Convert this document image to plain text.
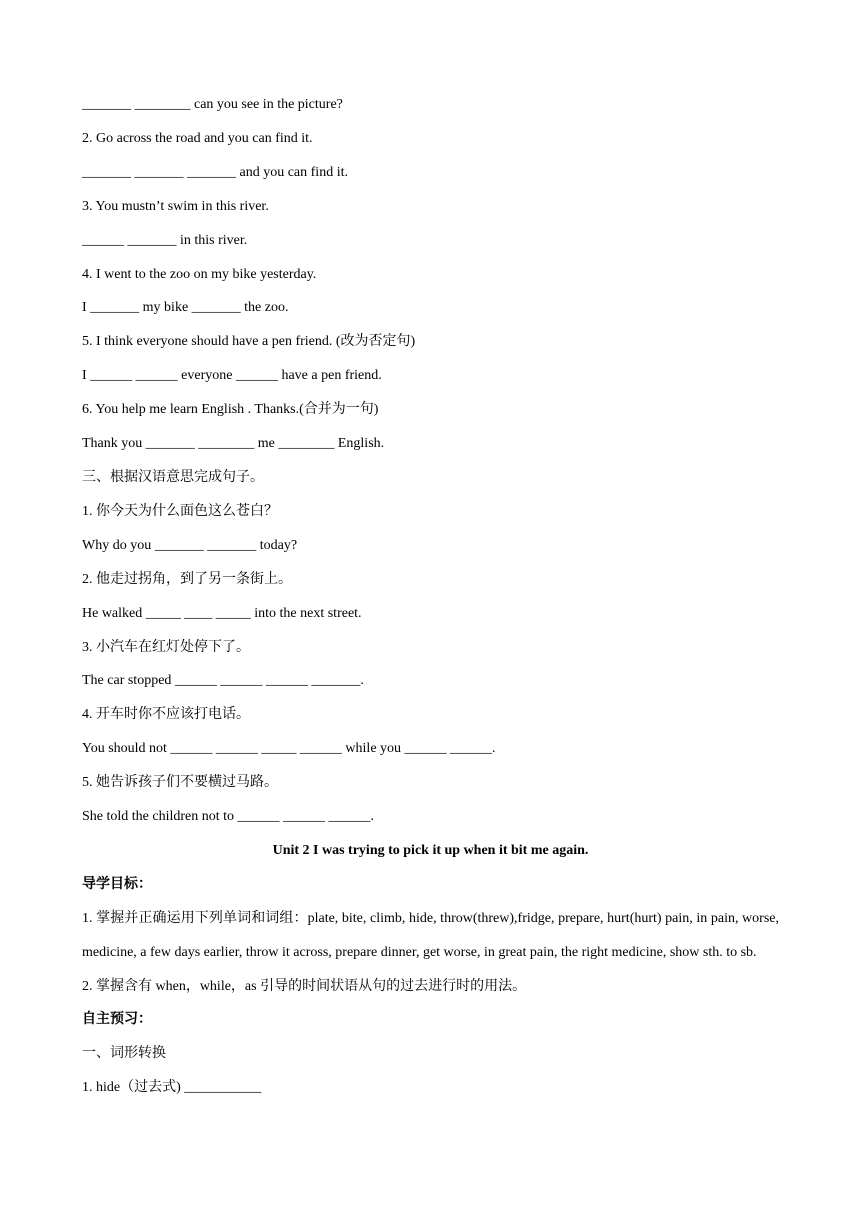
_______ ________ can you see in the picture?
2. Go across the road and you can find it.
_______ _______ _______ and you can find it.
3. You mustn’t swim in this river.
______ _______ in this river.
4. I went to the zoo on my bike yesterday.
I _______ my bike _______ the zoo.
5. I think everyone should have a pen friend. (改为否定句)
I ______ ______ everyone ______ have a pen friend.
6. You help me learn English . Thanks.(合并为一句)
Thank you _______ ________ me ________ English.
三、根据汉语意思完成句子。
1. 你今天为什么面色这么苍白？
Why do you _______ _______ today?
2. 他走过拐角，到了另一条街上。
He walked _____ ____ _____ into the next street.
3. 小汽车在红灯处停下了。
The car stopped ______ ______ ______ _______.
4. 开车时你不应该打电话。
You should not ______ ______ _____ ______ while you ______ ______.
5. 她告诉孩子们不要横过马路。
She told the children not to ______ ______ ______.
Unit 2 I was trying to pick it up when it bit me again.
导学目标：
1. 掌握并正确运用下列单词和词组：plate, bite, climb, hide, throw(threw),fridge, prepare, hurt(hurt) pain, in pain, worse, medicine, a few days earlier, throw it across, prepare dinner, get worse, in great pain, the right medicine, show sth. to sb.
2. 掌握含有 when，while，as 引导的时间状语从句的过去进行时的用法。
自主预习：
一、词形转换
1. hide（过去式) ___________
